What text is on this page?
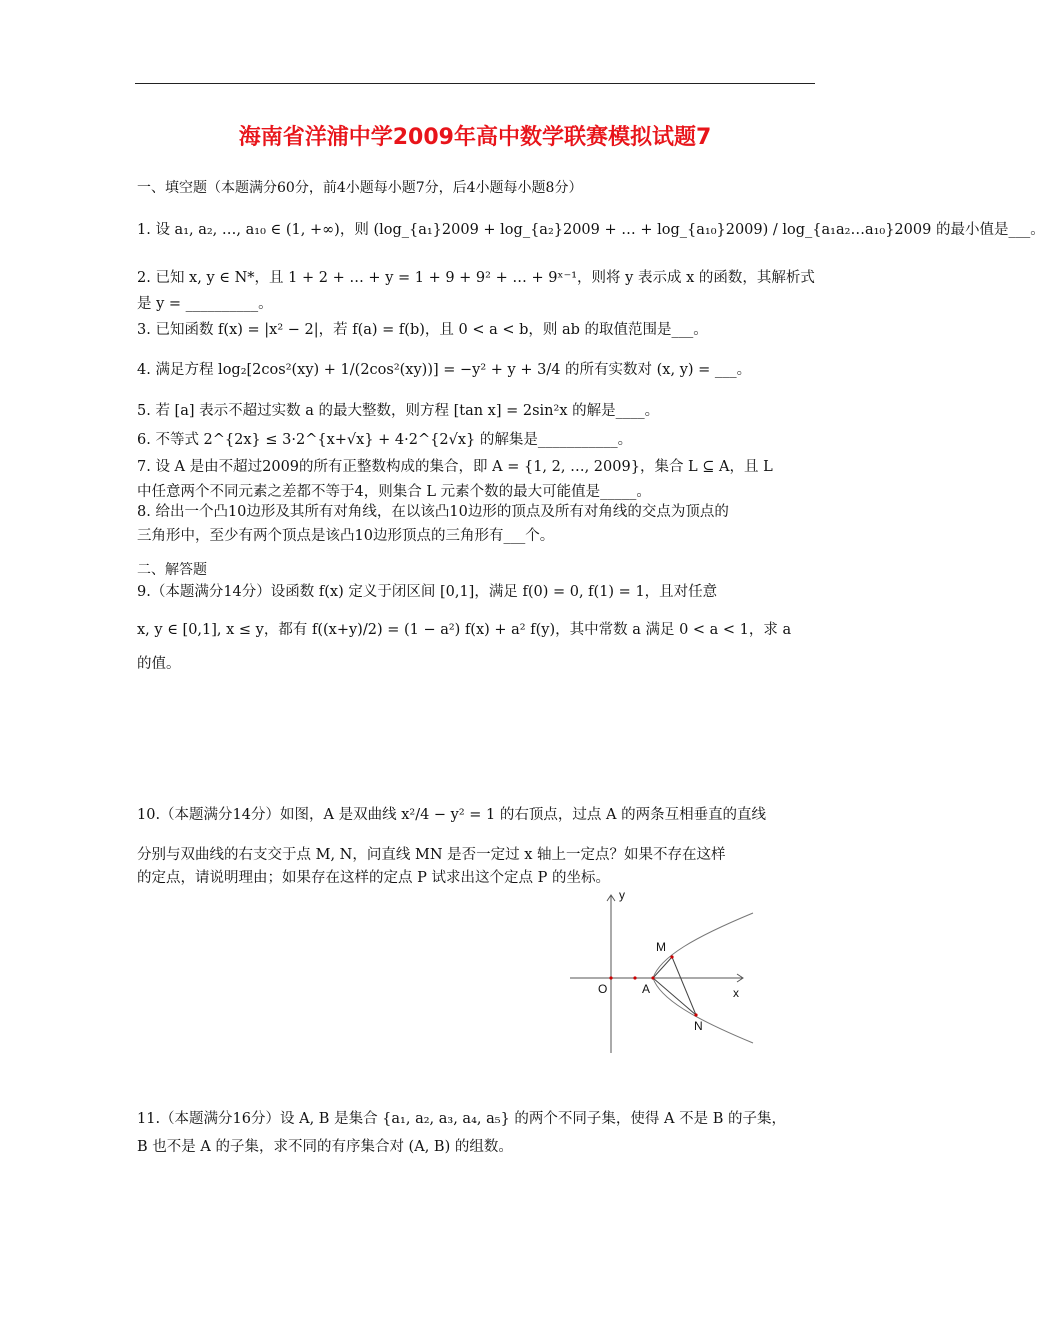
海南省洋浦中学2009年高中数学联赛模拟试题7
一、填空题（本题满分60分，前4小题每小题7分，后4小题每小题8分）
1. 设 a₁, a₂, …, a₁₀ ∈ (1, +∞)，则 (log_{a₁}2009 + log_{a₂}2009 + … + log_{a₁₀}2009) / log_{a₁a₂…a₁₀}2009 的最小值是___。
2. 已知 x, y ∈ N*，且 1 + 2 + … + y = 1 + 9 + 9² + … + 9ˣ⁻¹，则将 y 表示成 x 的函数，其解析式
是 y = __________。
3. 已知函数 f(x) = |x² − 2|，若 f(a) = f(b)，且 0 < a < b，则 ab 的取值范围是___。
4. 满足方程 log₂[2cos²(xy) + 1/(2cos²(xy))] = −y² + y + 3/4 的所有实数对 (x, y) = ___。
5. 若 [a] 表示不超过实数 a 的最大整数，则方程 [tan x] = 2sin²x 的解是____。
6. 不等式 2^{2x} ≤ 3·2^{x+√x} + 4·2^{2√x} 的解集是___________。
7. 设 A 是由不超过2009的所有正整数构成的集合，即 A = {1, 2, …, 2009}，集合 L ⊆ A，且 L
中任意两个不同元素之差都不等于4，则集合 L 元素个数的最大可能值是_____。
8. 给出一个凸10边形及其所有对角线，在以该凸10边形的顶点及所有对角线的交点为顶点的
三角形中，至少有两个顶点是该凸10边形顶点的三角形有___个。
二、解答题
9.（本题满分14分）设函数 f(x) 定义于闭区间 [0,1]，满足 f(0) = 0, f(1) = 1，且对任意
x, y ∈ [0,1], x ≤ y，都有 f((x+y)/2) = (1 − a²) f(x) + a² f(y)，其中常数 a 满足 0 < a < 1，求 a
的值。
10.（本题满分14分）如图，A 是双曲线 x²/4 − y² = 1 的右顶点，过点 A 的两条互相垂直的直线
分别与双曲线的右支交于点 M, N，问直线 MN 是否一定过 x 轴上一定点？如果不存在这样
的定点，请说明理由；如果存在这样的定点 P 试求出这个定点 P 的坐标。
y
x
O	A
M
N
11.（本题满分16分）设 A, B 是集合 {a₁, a₂, a₃, a₄, a₅} 的两个不同子集，使得 A 不是 B 的子集，
B 也不是 A 的子集，求不同的有序集合对 (A, B) 的组数。
